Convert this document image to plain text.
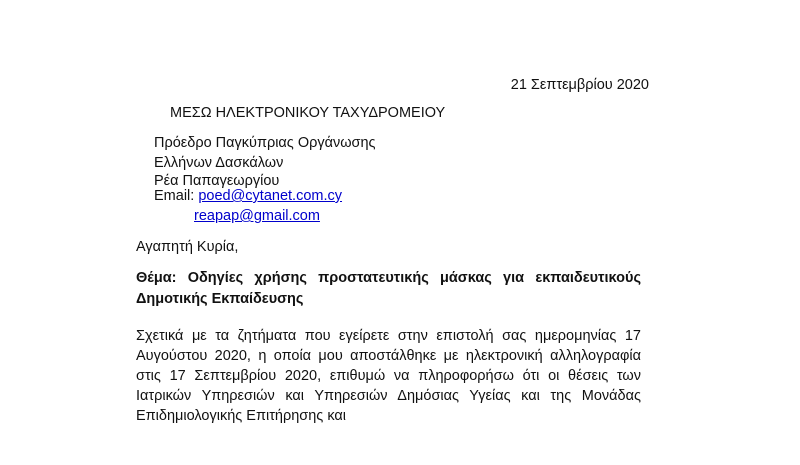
21 Σεπτεμβρίου 2020
ΜΕΣΩ ΗΛΕΚΤΡΟΝΙΚΟΥ ΤΑΧΥΔΡΟΜΕΙΟΥ
Πρόεδρο Παγκύπριας Οργάνωσης
Ελλήνων Δασκάλων
Ρέα Παπαγεωργίου
Email: poed@cytanet.com.cy
reapap@gmail.com
Αγαπητή Κυρία,
Θέμα: Οδηγίες χρήσης προστατευτικής μάσκας για εκπαιδευτικούς Δημοτικής Εκπαίδευσης
Σχετικά με τα ζητήματα που εγείρετε στην επιστολή σας ημερομηνίας 17 Αυγούστου 2020, η οποία μου αποστάλθηκε με ηλεκτρονική αλληλογραφία στις 17 Σεπτεμβρίου 2020, επιθυμώ να πληροφορήσω ότι οι θέσεις των Ιατρικών Υπηρεσιών και Υπηρεσιών Δημόσιας Υγείας και της Μονάδας Επιδημιολογικής Επιτήρησης και
